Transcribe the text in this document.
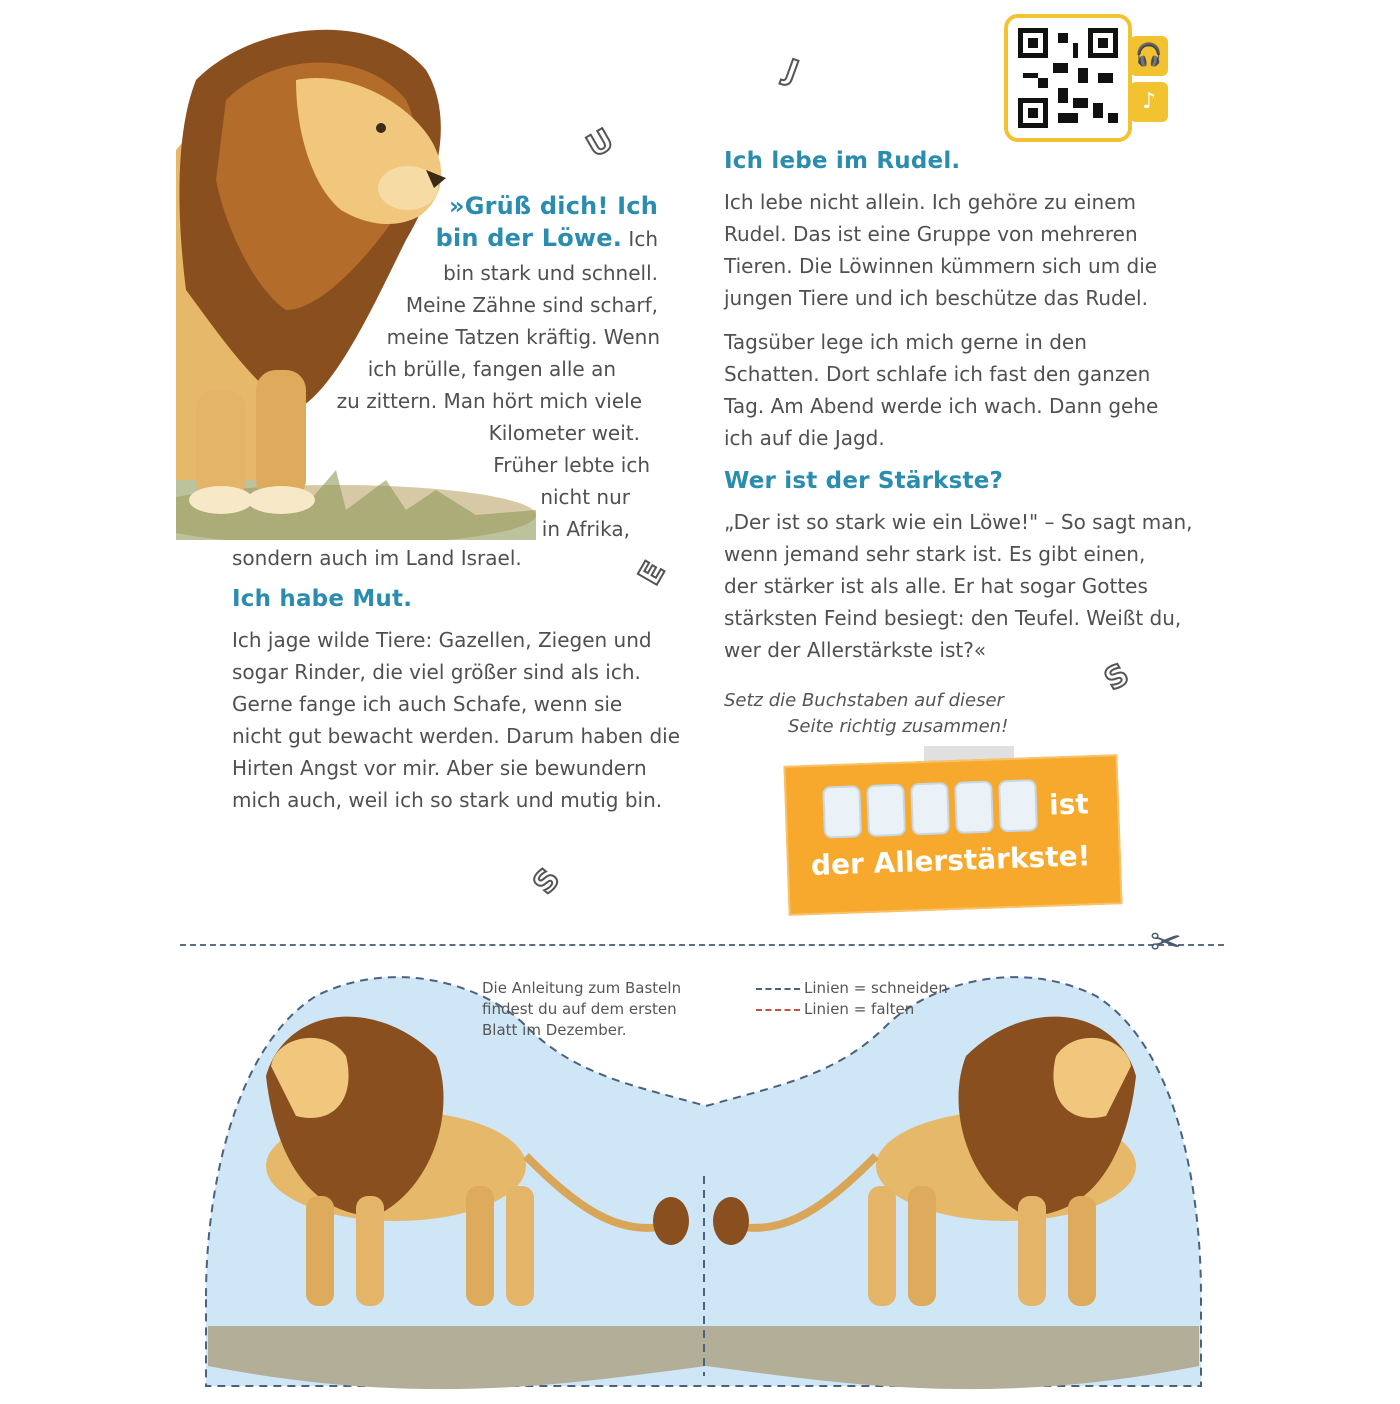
🎧
♪
J
U
E
S
S
»Grüß dich! Ich
bin der Löwe. Ich
bin stark und schnell.
Meine Zähne sind scharf,
meine Tatzen kräftig. Wenn
ich brülle, fangen alle an
zu zittern. Man hört mich viele
Kilometer weit.
Früher lebte ich
nicht nur
in Afrika,
sondern auch im Land Israel.
Ich habe Mut.
Ich jage wilde Tiere: Gazellen, Ziegen und
sogar Rinder, die viel größer sind als ich.
Gerne fange ich auch Schafe, wenn sie
nicht gut bewacht werden. Darum haben die
Hirten Angst vor mir. Aber sie bewundern
mich auch, weil ich so stark und mutig bin.
Ich lebe im Rudel.
Ich lebe nicht allein. Ich gehöre zu einem
Rudel. Das ist eine Gruppe von mehreren
Tieren. Die Löwinnen kümmern sich um die
jungen Tiere und ich beschütze das Rudel.
Tagsüber lege ich mich gerne in den
Schatten. Dort schlafe ich fast den ganzen
Tag. Am Abend werde ich wach. Dann gehe
ich auf die Jagd.
Wer ist der Stärkste?
„Der ist so stark wie ein Löwe!" – So sagt man,
wenn jemand sehr stark ist. Es gibt einen,
der stärker ist als alle. Er hat sogar Gottes
stärksten Feind besiegt: den Teufel. Weißt du,
wer der Allerstärkste ist?«
Setz die Buchstaben auf dieser
Seite richtig zusammen!
ist
der Allerstärkste!
✂
Die Anleitung zum Basteln
findest du auf dem ersten
Blatt im Dezember.
Linien = schneiden
Linien = falten
